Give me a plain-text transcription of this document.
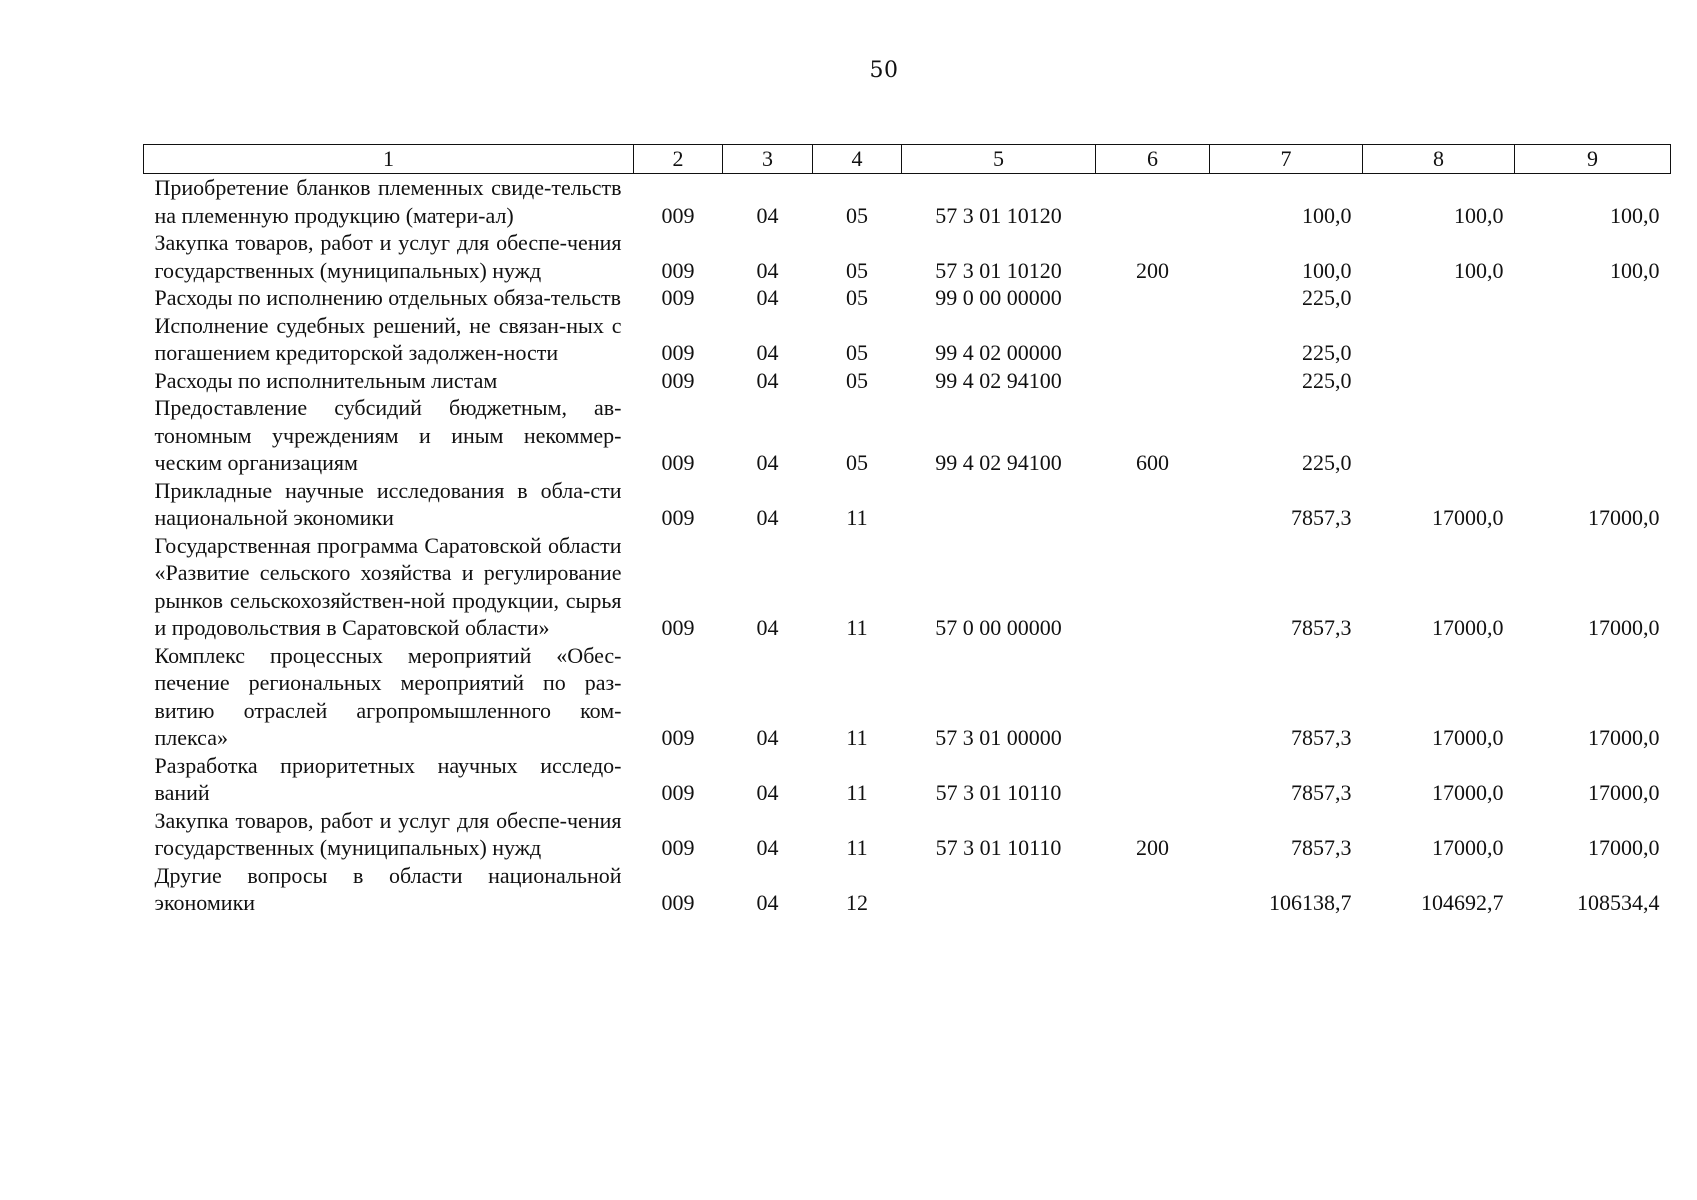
50
1	2	3	4	5	6	7	8	9
Приобретение бланков племенных свиде-тельств на племенную продукцию (матери-ал)	009	04	05	57 3 01 10120		100,0	100,0	100,0
Закупка товаров, работ и услуг для обеспе-чения государственных (муниципальных) нужд	009	04	05	57 3 01 10120	200	100,0	100,0	100,0
Расходы по исполнению отдельных обяза-тельств	009	04	05	99 0 00 00000		225,0		
Исполнение судебных решений, не связан-ных с погашением кредиторской задолжен-ности	009	04	05	99 4 02 00000		225,0		
Расходы по исполнительным листам	009	04	05	99 4 02 94100		225,0		
Предоставление субсидий бюджетным, ав-тономным учреждениям и иным некоммер-ческим организациям	009	04	05	99 4 02 94100	600	225,0		
Прикладные научные исследования в обла-сти национальной экономики	009	04	11			7857,3	17000,0	17000,0
Государственная программа Саратовской области «Развитие сельского хозяйства и регулирование рынков сельскохозяйствен-ной продукции, сырья и продовольствия в Саратовской области»	009	04	11	57 0 00 00000		7857,3	17000,0	17000,0
Комплекс процессных мероприятий «Обес-печение региональных мероприятий по раз-витию отраслей агропромышленного ком-плекса»	009	04	11	57 3 01 00000		7857,3	17000,0	17000,0
Разработка приоритетных научных исследо-ваний	009	04	11	57 3 01 10110		7857,3	17000,0	17000,0
Закупка товаров, работ и услуг для обеспе-чения государственных (муниципальных) нужд	009	04	11	57 3 01 10110	200	7857,3	17000,0	17000,0
Другие вопросы в области национальной экономики	009	04	12			106138,7	104692,7	108534,4
